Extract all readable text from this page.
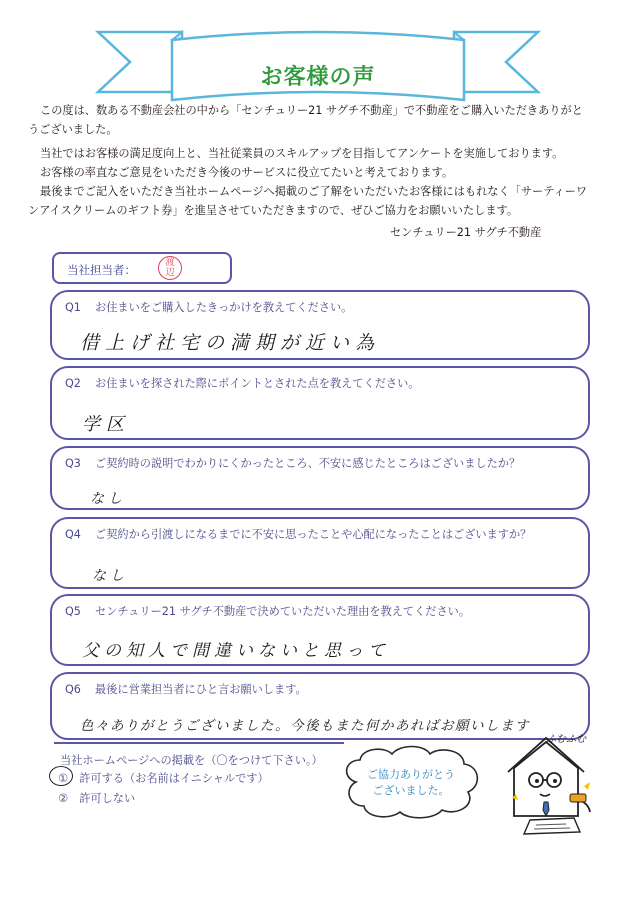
お客様の声
この度は、数ある不動産会社の中から「センチュリー21 サグチ不動産」で不動産をご購入いただきありがと
うございました。
当社ではお客様の満足度向上と、当社従業員のスキルアップを目指してアンケートを実施しております。
お客様の率直なご意見をいただき今後のサービスに役立てたいと考えております。
最後までご記入をいただき当社ホームページへ掲載のご了解をいただいたお客様にはもれなく「サーティーワ
ンアイスクリームのギフト券」を進呈させていただきますので、ぜひご協力をお願いいたします。
センチュリー21 サグチ不動産
当社担当者：	渡
辺
Q1 お住まいをご購入したきっかけを教えてください。
借上げ社宅の満期が近い為
Q2 お住まいを探された際にポイントとされた点を教えてください。
学区
Q3 ご契約時の説明でわかりにくかったところ、不安に感じたところはございましたか？
なし
Q4 ご契約から引渡しになるまでに不安に思ったことや心配になったことはございますか？
なし
Q5 センチュリー21 サグチ不動産で決めていただいた理由を教えてください。
父の知人で間違いないと思って
Q6 最後に営業担当者にひと言お願いします。
色々ありがとうございました。今後もまた何かあればお願いします
当社ホームページへの掲載を（〇をつけて下さい。）
①　許可する（お名前はイニシャルです）
②　許可しない
ご協力ありがとう
ございました。
ふむふむ
